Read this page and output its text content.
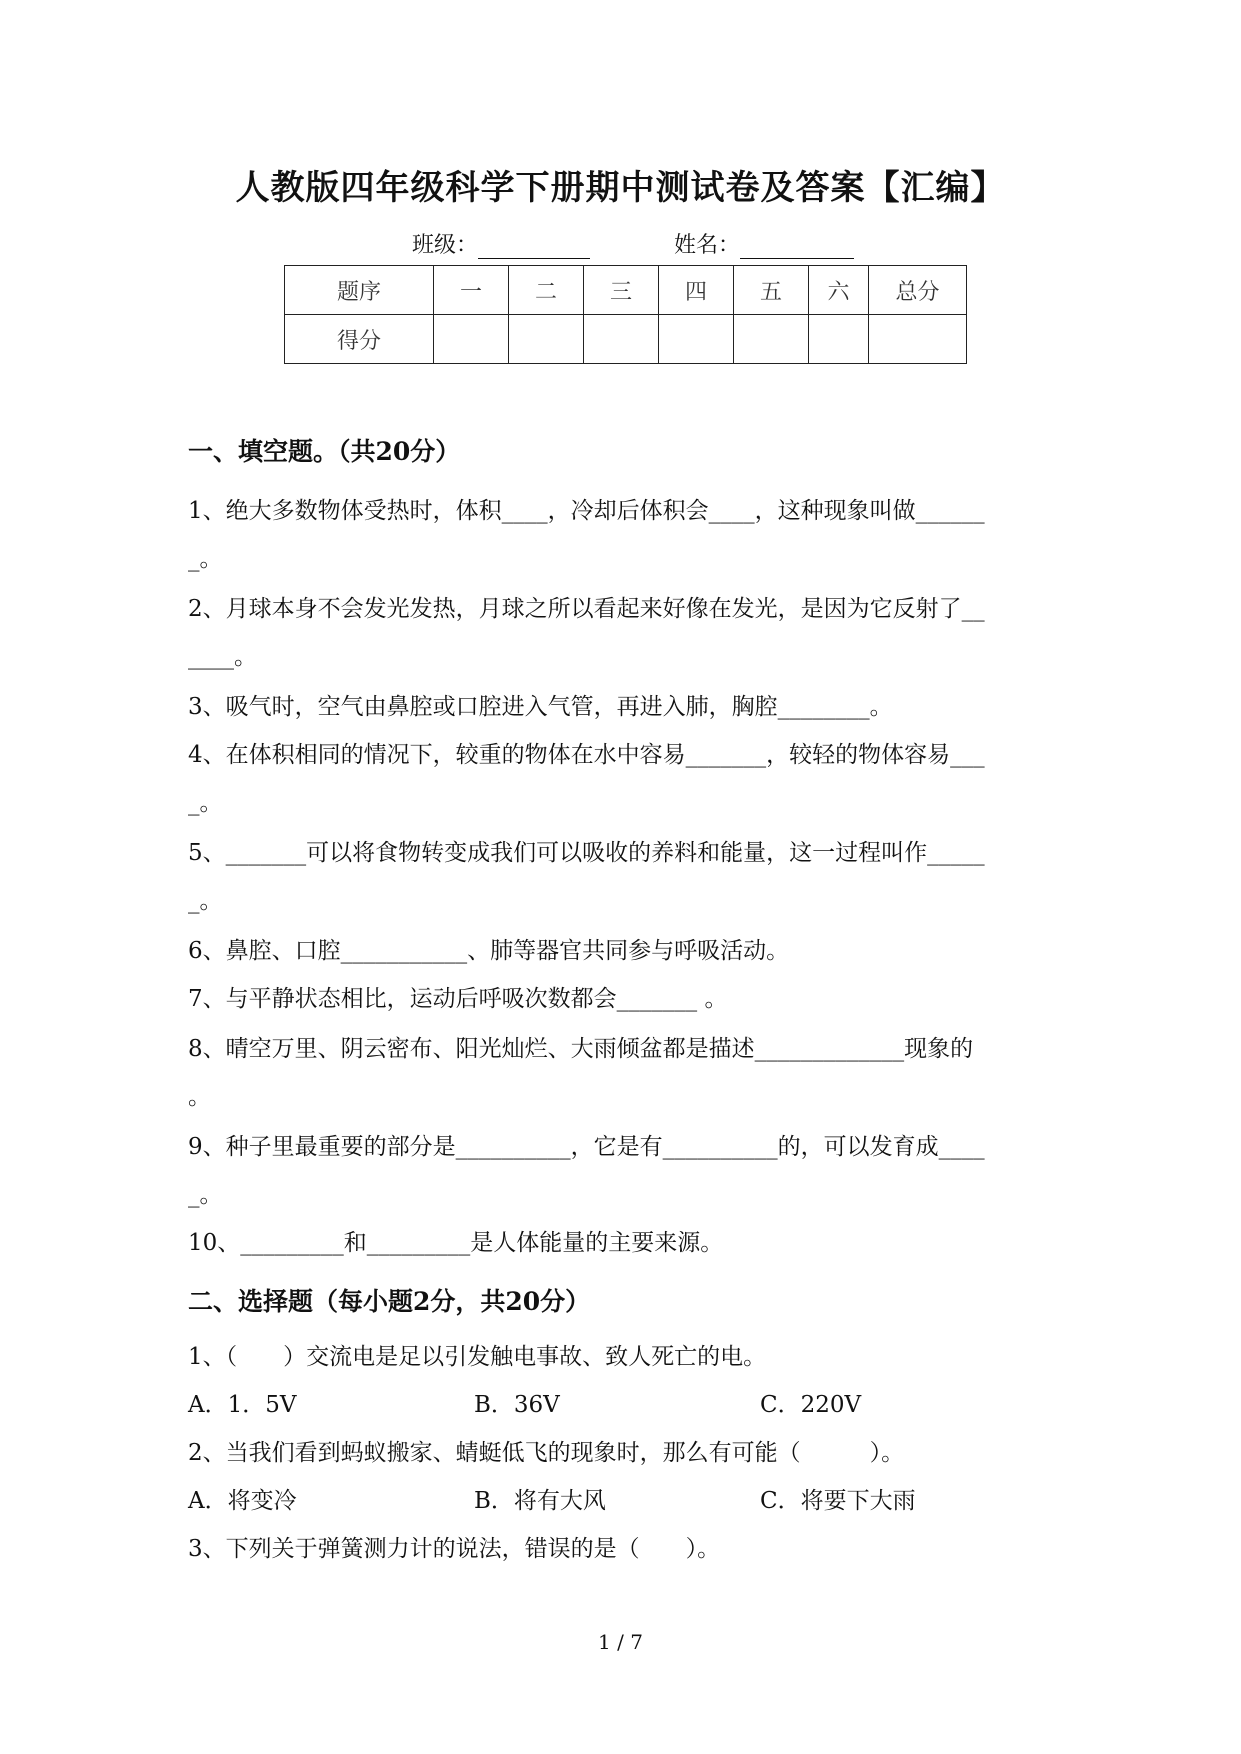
人教版四年级科学下册期中测试卷及答案【汇编】
班级：	姓名：
题序	一	二	三	四	五	六	总分
得分							
一、填空题。（共20分）
1、绝大多数物体受热时，体积____，冷却后体积会____，这种现象叫做______
_。
2、月球本身不会发光发热，月球之所以看起来好像在发光，是因为它反射了__
____。
3、吸气时，空气由鼻腔或口腔进入气管，再进入肺，胸腔________。
4、在体积相同的情况下，较重的物体在水中容易_______，较轻的物体容易___
_。
5、_______可以将食物转变成我们可以吸收的养料和能量，这一过程叫作_____
_。
6、鼻腔、口腔___________、肺等器官共同参与呼吸活动。
7、与平静状态相比，运动后呼吸次数都会_______ 。
8、晴空万里、阴云密布、阳光灿烂、大雨倾盆都是描述_____________现象的
。
9、种子里最重要的部分是__________，它是有__________的，可以发育成____
_。
10、_________和_________是人体能量的主要来源。
二、选择题（每小题2分，共20分）
1、（　　）交流电是足以引发触电事故、致人死亡的电。
A．1．5V	B．36V	C．220V
2、当我们看到蚂蚁搬家、蜻蜓低飞的现象时，那么有可能（　　　）。
A．将变冷	B．将有大风	C．将要下大雨
3、下列关于弹簧测力计的说法，错误的是（　　）。
1 / 7
